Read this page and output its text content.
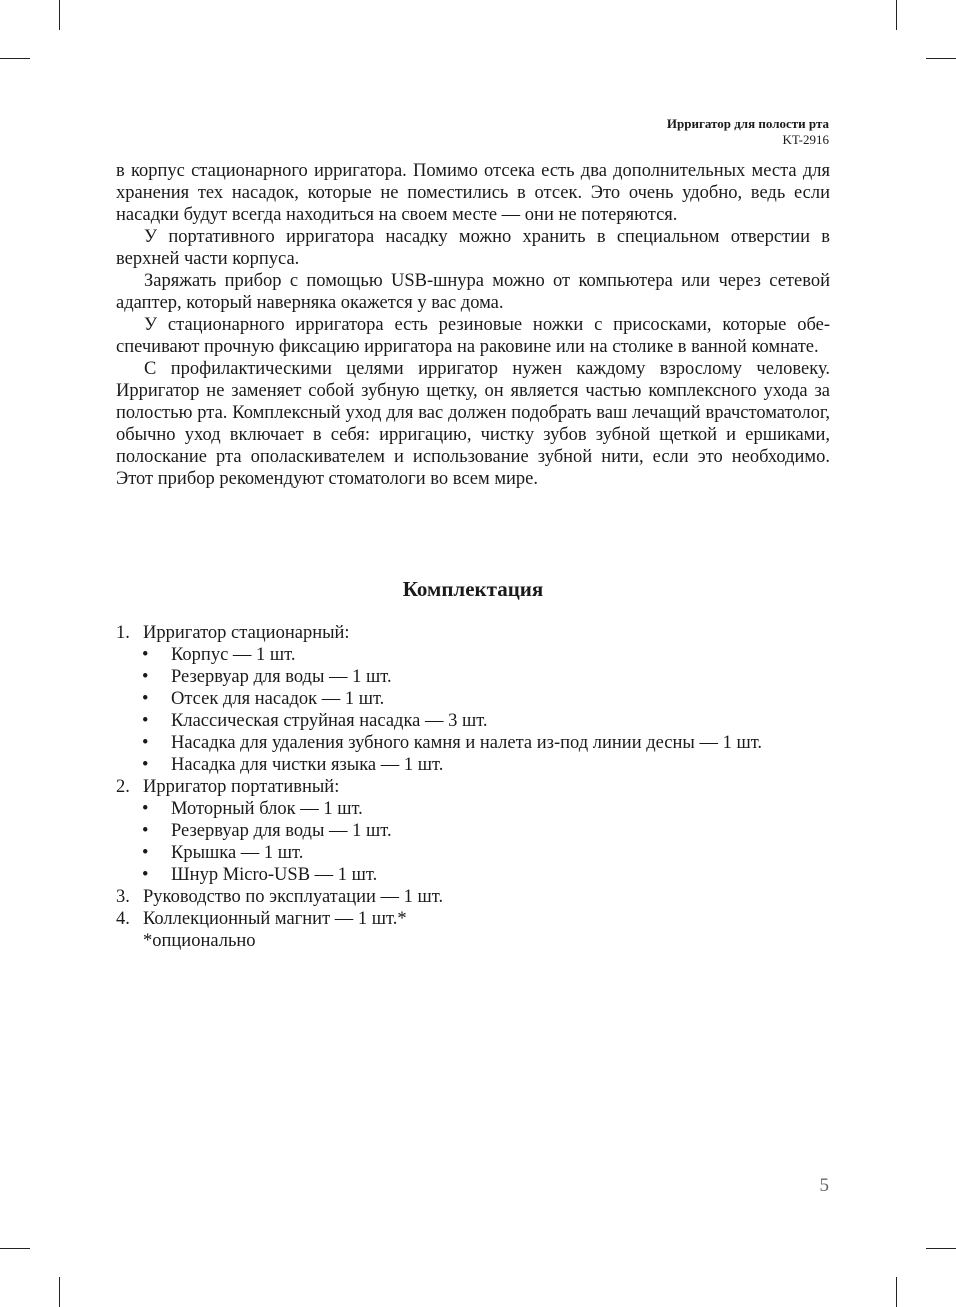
Ирригатор для полости рта
KT-2916

в корпус стационарного ирригатора. Помимо отсека есть два дополнительных места для хранения тех насадок, которые не поместились в отсек. Это очень удобно, ведь если насадки будут всегда находиться на своем месте — они не потеряются.

У портативного ирригатора насадку можно хранить в специальном отверстии в верхней части корпуса.

Заряжать прибор с помощью USB-шнура можно от компьютера или через сетевой адаптер, который наверняка окажется у вас дома.

У стационарного ирригатора есть резиновые ножки с присосками, которые обеспечивают прочную фиксацию ирригатора на раковине или на столике в ванной комнате.

С профилактическими целями ирригатор нужен каждому взрослому человеку. Ирригатор не заменяет собой зубную щетку, он является частью комплексного ухода за полостью рта. Комплексный уход для вас должен подобрать ваш лечащий врачстоматолог, обычно уход включает в себя: ирригацию, чистку зубов зубной щеткой и ершиками, полоскание рта ополаскивателем и использование зубной нити, если это необходимо. Этот прибор рекомендуют стоматологи во всем мире.

Комплектация
1. Ирригатор стационарный:
• Корпус — 1 шт.
• Резервуар для воды — 1 шт.
• Отсек для насадок — 1 шт.
• Классическая струйная насадка — 3 шт.
• Насадка для удаления зубного камня и налета из-под линии десны — 1 шт.
• Насадка для чистки языка — 1 шт.
2. Ирригатор портативный:
• Моторный блок — 1 шт.
• Резервуар для воды — 1 шт.
• Крышка — 1 шт.
• Шнур Micro-USB — 1 шт.
3. Руководство по эксплуатации — 1 шт.
4. Коллекционный магнит — 1 шт.*
*опционально
5
